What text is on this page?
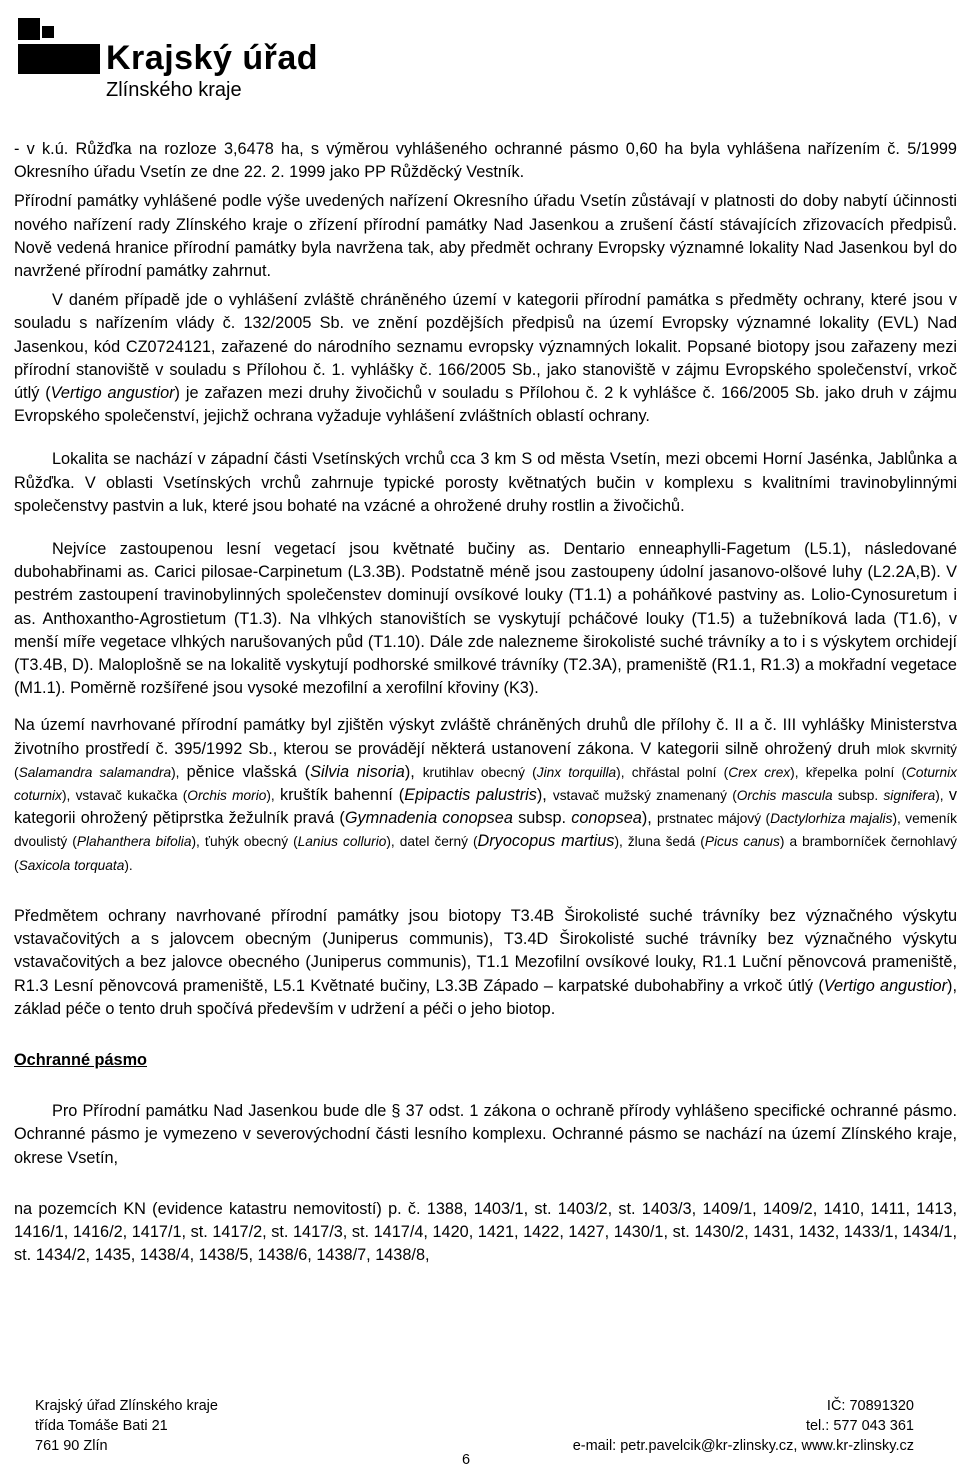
Krajský úřad
Zlínského kraje

- v k.ú. Růžďka na rozloze 3,6478 ha, s výměrou vyhlášeného ochranné pásmo 0,60 ha byla vyhlášena nařízením č. 5/1999 Okresního úřadu Vsetín ze dne 22. 2. 1999 jako PP Růžděcký Vestník.

Přírodní památky vyhlášené podle výše uvedených nařízení Okresního úřadu Vsetín zůstávají v platnosti do doby nabytí účinnosti nového nařízení rady Zlínského kraje o zřízení přírodní památky Nad Jasenkou a zrušení částí stávajících zřizovacích předpisů. Nově vedená hranice přírodní památky byla navržena tak, aby předmět ochrany Evropsky významné lokality Nad Jasenkou byl do navržené přírodní památky zahrnut.

V daném případě jde o vyhlášení zvláště chráněného území v kategorii přírodní památka s předměty ochrany, které jsou v souladu s nařízením vlády č. 132/2005 Sb. ve znění pozdějších předpisů na území Evropsky významné lokality (EVL) Nad Jasenkou, kód CZ0724121, zařazené do národního seznamu evropsky významných lokalit. Popsané biotopy jsou zařazeny mezi přírodní stanoviště v souladu s Přílohou č. 1. vyhlášky č. 166/2005 Sb., jako stanoviště v zájmu Evropského společenství, vrkoč útlý (Vertigo angustior) je zařazen mezi druhy živočichů v souladu s Přílohou č. 2 k vyhlášce č. 166/2005 Sb. jako druh v zájmu Evropského společenství, jejichž ochrana vyžaduje vyhlášení zvláštních oblastí ochrany.

Lokalita se nachází v západní části Vsetínských vrchů cca 3 km S od města Vsetín, mezi obcemi Horní Jasénka, Jablůnka a Růžďka. V oblasti Vsetínských vrchů zahrnuje typické porosty květnatých bučin v komplexu s kvalitními travinobylinnými společenstvy pastvin a luk, které jsou bohaté na vzácné a ohrožené druhy rostlin a živočichů.

Nejvíce zastoupenou lesní vegetací jsou květnaté bučiny as. Dentario enneaphylli-Fagetum (L5.1), následované dubohabřinami as. Carici pilosae-Carpinetum (L3.3B). Podstatně méně jsou zastoupeny údolní jasanovo-olšové luhy (L2.2A,B). V pestrém zastoupení travinobylinných společenstev dominují ovsíkové louky (T1.1) a poháňkové pastviny as. Lolio-Cynosuretum i as. Anthoxantho-Agrostietum (T1.3). Na vlhkých stanovištích se vyskytují pcháčové louky (T1.5) a tužebníková lada (T1.6), v menší míře vegetace vlhkých narušovaných půd (T1.10). Dále zde nalezneme širokolisté suché trávníky a to i s výskytem orchidejí (T3.4B, D). Maloplošně se na lokalitě vyskytují podhorské smilkové trávníky (T2.3A), prameniště (R1.1, R1.3) a mokřadní vegetace (M1.1). Poměrně rozšířené jsou vysoké mezofilní a xerofilní křoviny (K3).

Na území navrhované přírodní památky byl zjištěn výskyt zvláště chráněných druhů dle přílohy č. II a č. III vyhlášky Ministerstva životního prostředí č. 395/1992 Sb., kterou se provádějí některá ustanovení zákona. V kategorii silně ohrožený druh mlok skvrnitý (Salamandra salamandra), pěnice vlašská (Silvia nisoria), krutihlav obecný (Jinx torquilla), chřástal polní (Crex crex), křepelka polní (Coturnix coturnix), vstavač kukačka (Orchis morio), kruštík bahenní (Epipactis palustris), vstavač mužský znamenaný (Orchis mascula subsp. signifera), v kategorii ohrožený pětiprstka žežulník pravá (Gymnadenia conopsea subsp. conopsea), prstnatec májový (Dactylorhiza majalis), vemeník dvoulistý (Plahanthera bifolia), ťuhýk obecný (Lanius collurio), datel černý (Dryocopus martius), žluna šedá (Picus canus) a bramborníček černohlavý (Saxicola torquata).

Předmětem ochrany navrhované přírodní památky jsou biotopy T3.4B Širokolisté suché trávníky bez význačného výskytu vstavačovitých a s jalovcem obecným (Juniperus communis), T3.4D Širokolisté suché trávníky bez význačného výskytu vstavačovitých a bez jalovce obecného (Juniperus communis), T1.1 Mezofilní ovsíkové louky, R1.1 Luční pěnovcová prameniště, R1.3 Lesní pěnovcová prameniště, L5.1 Květnaté bučiny, L3.3B Západo – karpatské dubohabřiny a vrkoč útlý (Vertigo angustior), základ péče o tento druh spočívá především v udržení a péči o jeho biotop.

Ochranné pásmo

Pro Přírodní památku Nad Jasenkou bude dle § 37 odst. 1 zákona o ochraně přírody vyhlášeno specifické ochranné pásmo. Ochranné pásmo je vymezeno v severovýchodní části lesního komplexu. Ochranné pásmo se nachází na území Zlínského kraje, okrese Vsetín,

na pozemcích KN (evidence katastru nemovitostí) p. č. 1388, 1403/1, st. 1403/2, st. 1403/3, 1409/1, 1409/2, 1410, 1411, 1413, 1416/1, 1416/2, 1417/1, st. 1417/2, st. 1417/3, st. 1417/4, 1420, 1421, 1422, 1427, 1430/1, st. 1430/2, 1431, 1432, 1433/1, 1434/1, st. 1434/2, 1435, 1438/4, 1438/5, 1438/6, 1438/7, 1438/8,

Krajský úřad Zlínského kraje
třída Tomáše Bati 21
761 90 Zlín
IČ: 70891320
tel.: 577 043 361
e-mail: petr.pavelcik@kr-zlinsky.cz, www.kr-zlinsky.cz
6
